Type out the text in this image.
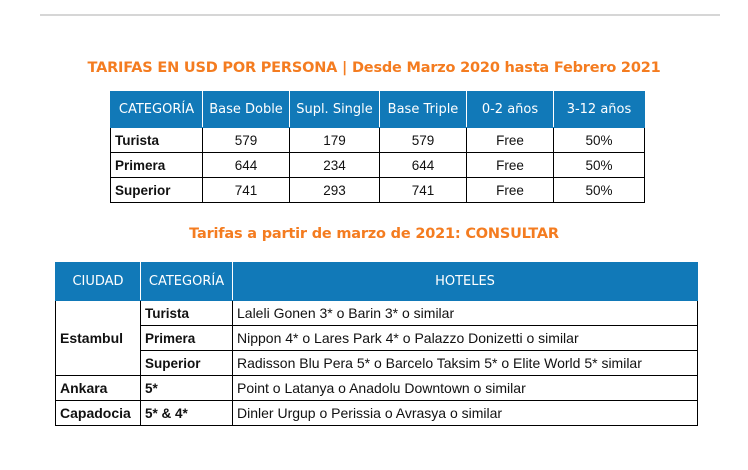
TARIFAS EN USD POR PERSONA | Desde Marzo 2020 hasta Febrero 2021
CATEGORÍA	Base Doble	Supl. Single	Base Triple	0-2 años	3-12 años
Turista	579	179	579	Free	50%
Primera	644	234	644	Free	50%
Superior	741	293	741	Free	50%
Tarifas a partir de marzo de 2021: CONSULTAR
CIUDAD	CATEGORÍA	HOTELES
Estambul	Turista	Laleli Gonen 3* o Barin 3* o similar
	Primera	Nippon 4* o Lares Park 4* o Palazzo Donizetti o similar
	Superior	Radisson Blu Pera 5* o Barcelo Taksim 5* o Elite World 5* similar
Ankara	5*	Point o Latanya o Anadolu Downtown o similar
Capadocia	5* & 4*	Dinler Urgup o Perissia o Avrasya o similar
